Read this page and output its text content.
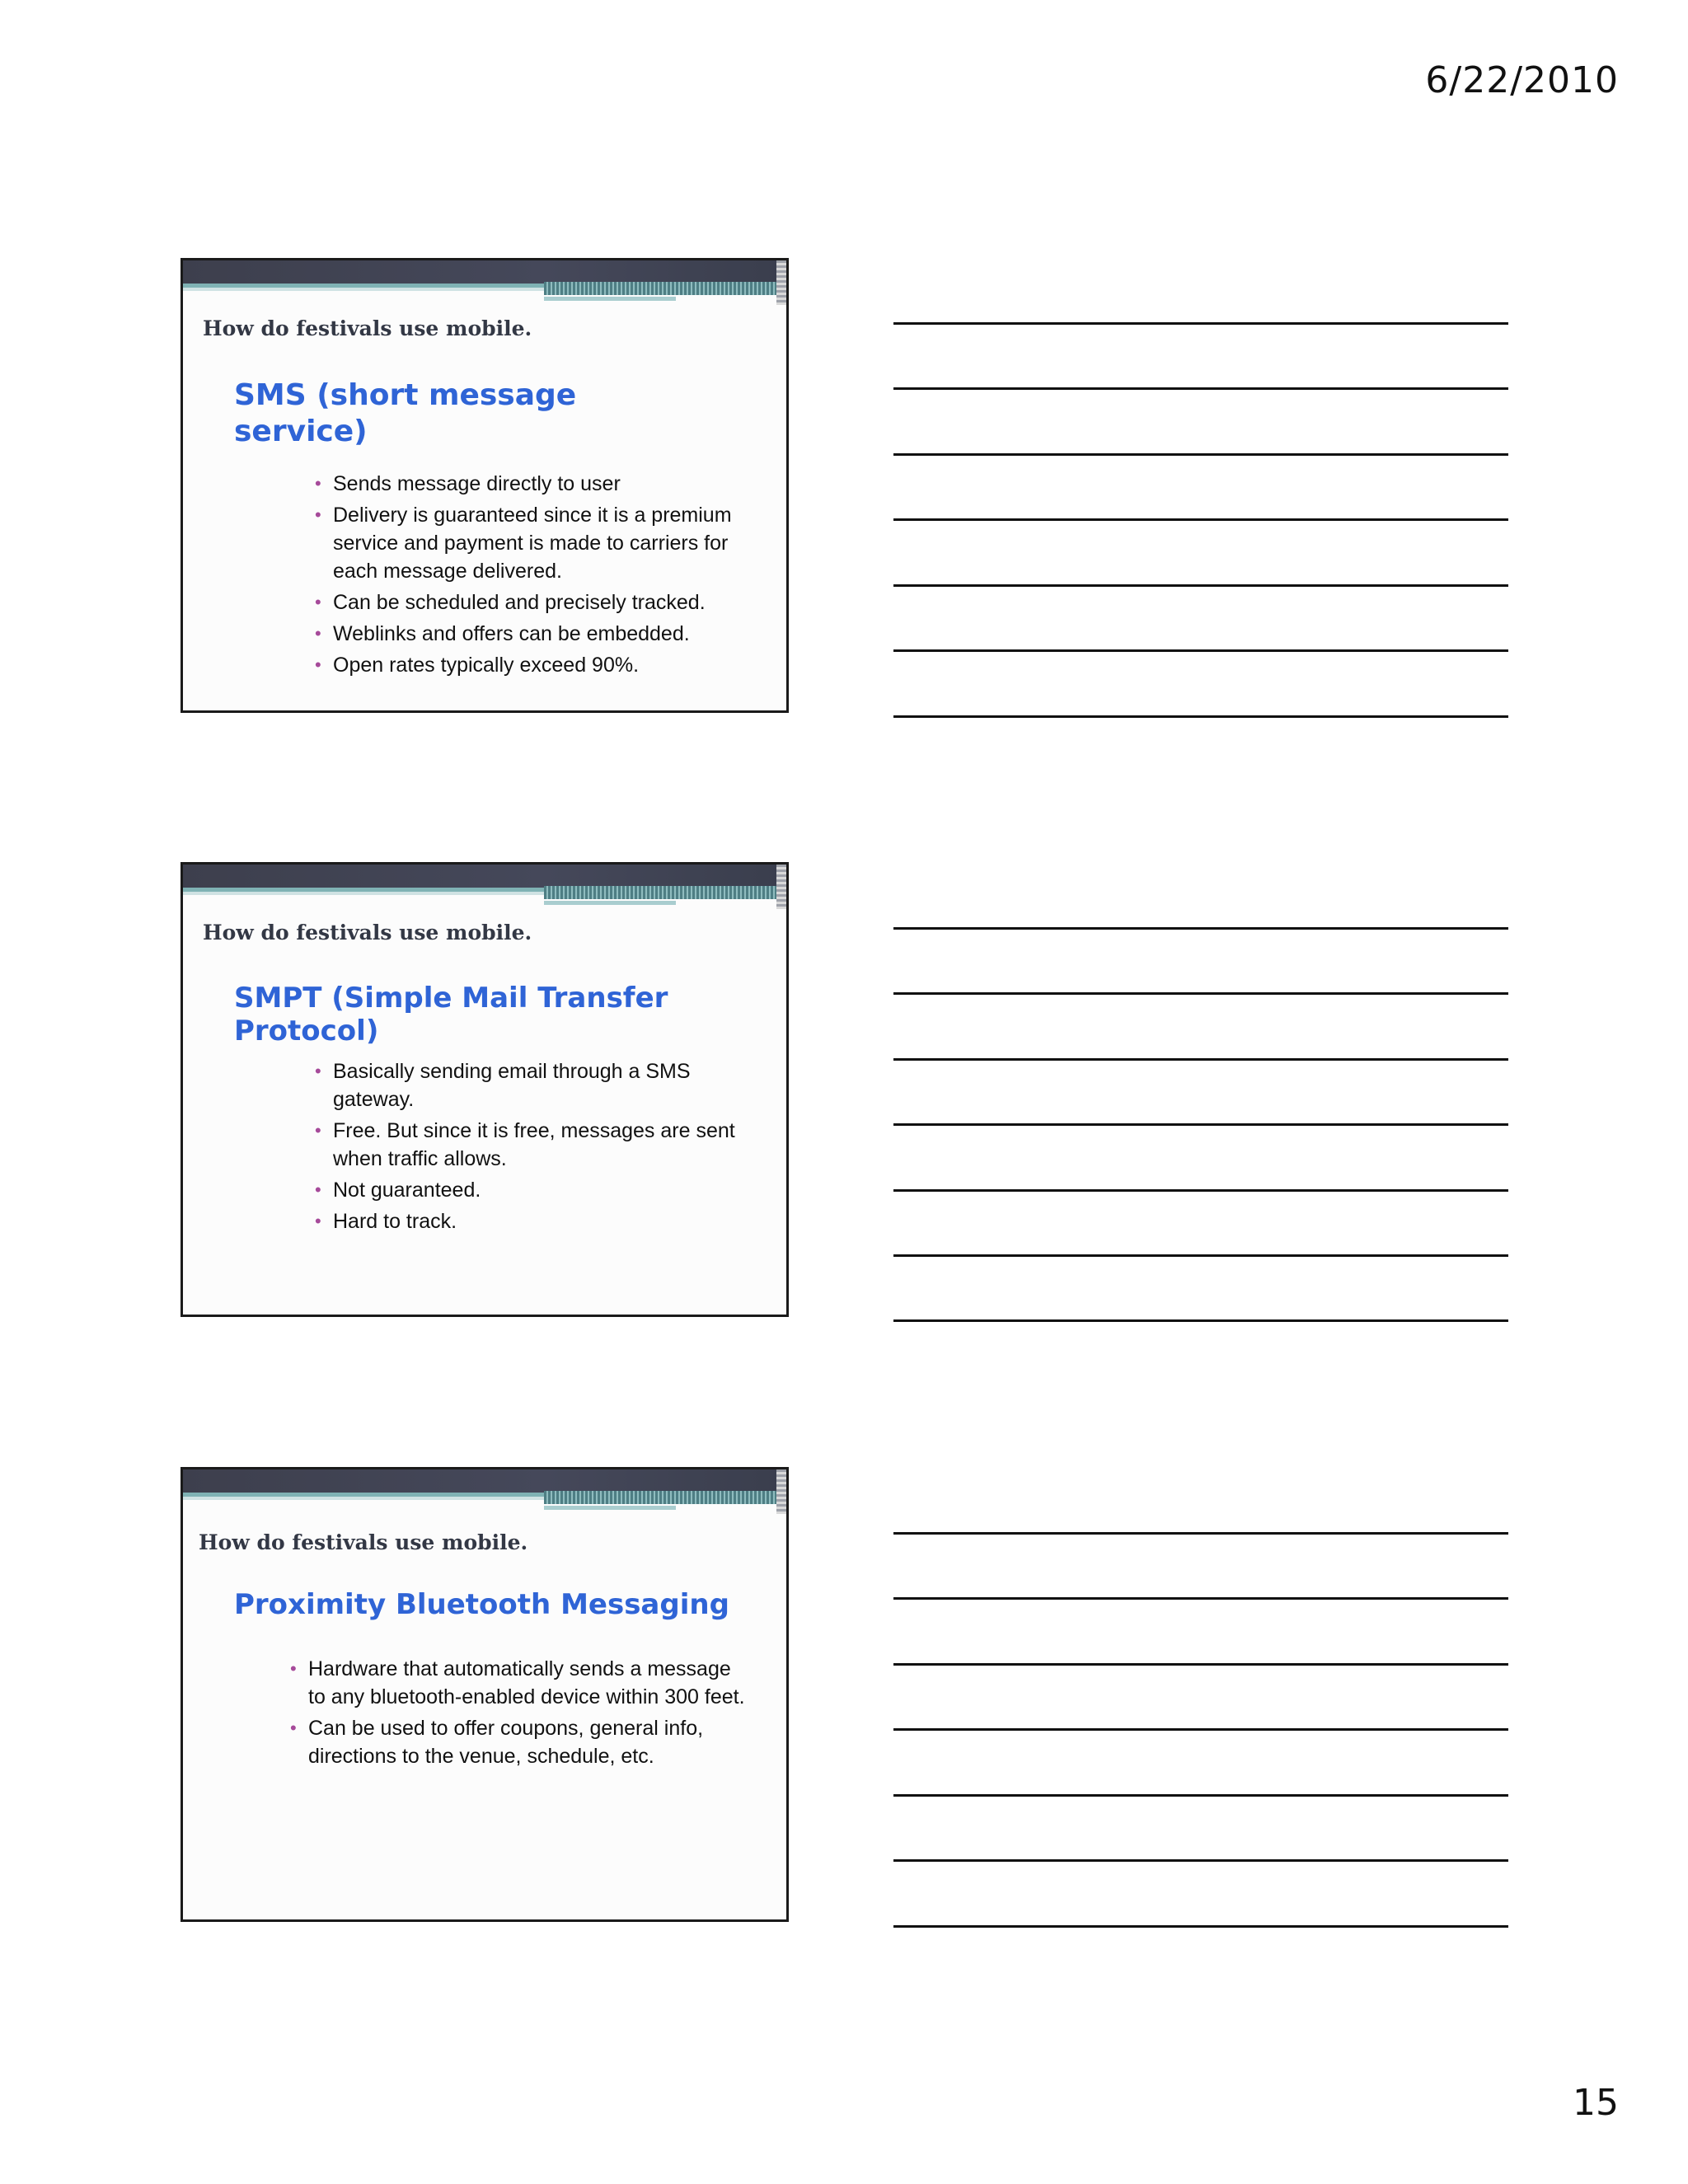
6/22/2010
How do festivals use mobile.
SMS (short message service)
• Sends message directly to user
• Delivery is guaranteed since it is a premium service and payment is made to carriers for each message delivered.
• Can be scheduled and precisely tracked.
• Weblinks and offers can be embedded.
• Open rates typically exceed 90%.
How do festivals use mobile.
SMPT (Simple Mail Transfer Protocol)
• Basically sending email through a SMS gateway.
• Free. But since it is free, messages are sent when traffic allows.
• Not guaranteed.
• Hard to track.
How do festivals use mobile.
Proximity Bluetooth Messaging
• Hardware that automatically sends a message to any bluetooth-enabled device within 300 feet.
• Can be used to offer coupons, general info, directions to the venue, schedule, etc.
15
